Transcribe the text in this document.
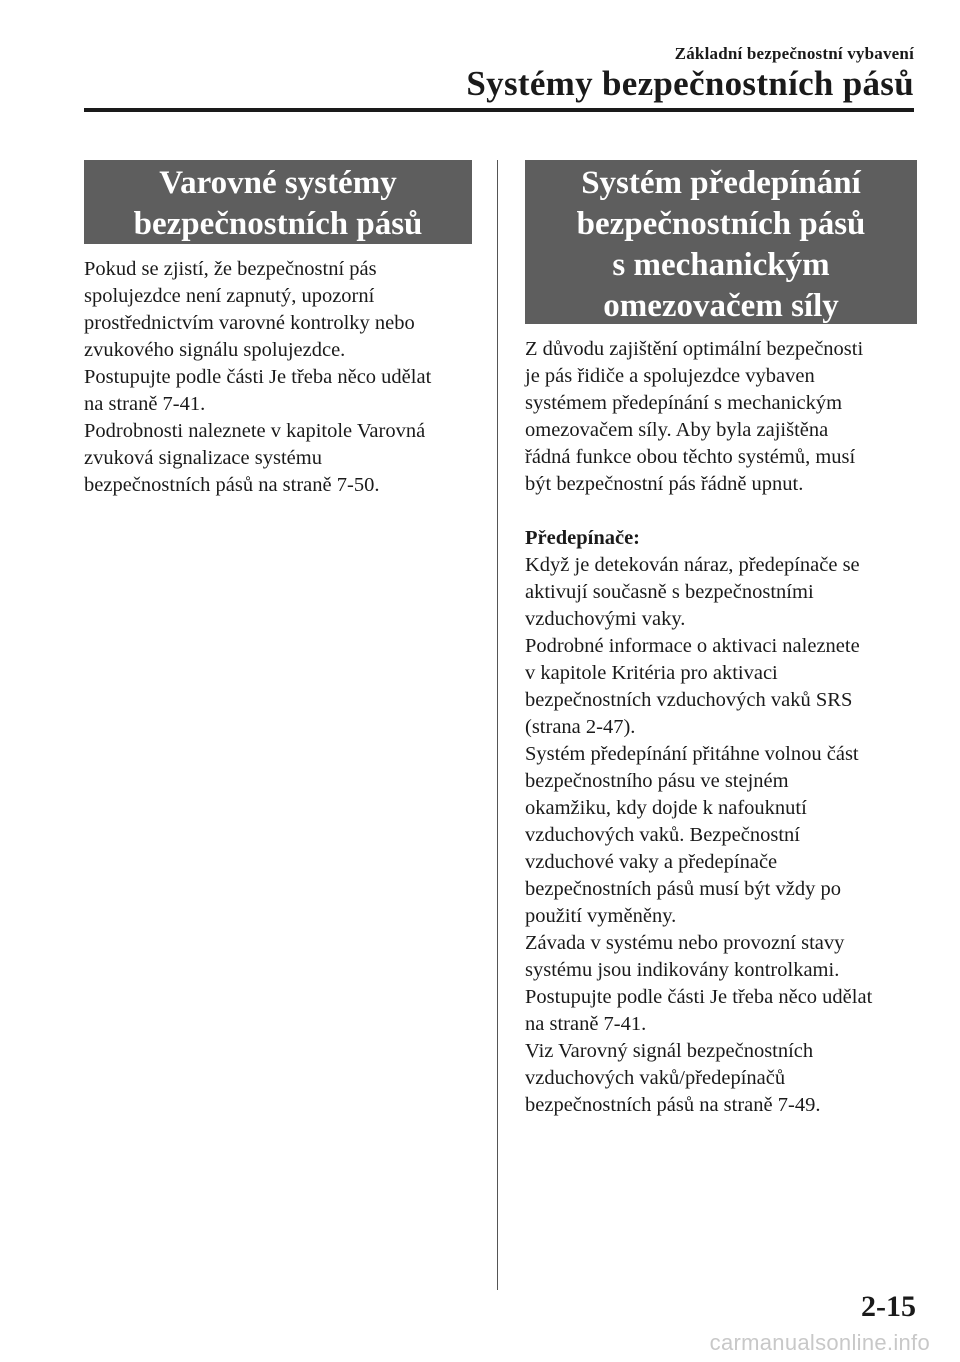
Základní bezpečnostní vybavení
Systémy bezpečnostních pásů
Varovné systémy
bezpečnostních pásů

Pokud se zjistí, že bezpečnostní pás

spolujezdce není zapnutý, upozorní

prostřednictvím varovné kontrolky nebo

zvukového signálu spolujezdce.

Postupujte podle části Je třeba něco udělat

na straně 7-41.

Podrobnosti naleznete v kapitole Varovná

zvuková signalizace systému

bezpečnostních pásů na straně 7-50.

Systém předepínání
bezpečnostních pásů
s mechanickým
omezovačem síly

Z důvodu zajištění optimální bezpečnosti

je pás řidiče a spolujezdce vybaven

systémem předepínání s mechanickým

omezovačem síly. Aby byla zajištěna

řádná funkce obou těchto systémů, musí

být bezpečnostní pás řádně upnut.

Předepínače:

Když je detekován náraz, předepínače se

aktivují současně s bezpečnostními

vzduchovými vaky.

Podrobné informace o aktivaci naleznete

v kapitole Kritéria pro aktivaci

bezpečnostních vzduchových vaků SRS

(strana 2-47).

Systém předepínání přitáhne volnou část

bezpečnostního pásu ve stejném

okamžiku, kdy dojde k nafouknutí

vzduchových vaků. Bezpečnostní

vzduchové vaky a předepínače

bezpečnostních pásů musí být vždy po

použití vyměněny.

Závada v systému nebo provozní stavy

systému jsou indikovány kontrolkami.

Postupujte podle části Je třeba něco udělat

na straně 7-41.

Viz Varovný signál bezpečnostních

vzduchových vaků/předepínačů

bezpečnostních pásů na straně 7-49.

2-15
carmanualsonline.info
